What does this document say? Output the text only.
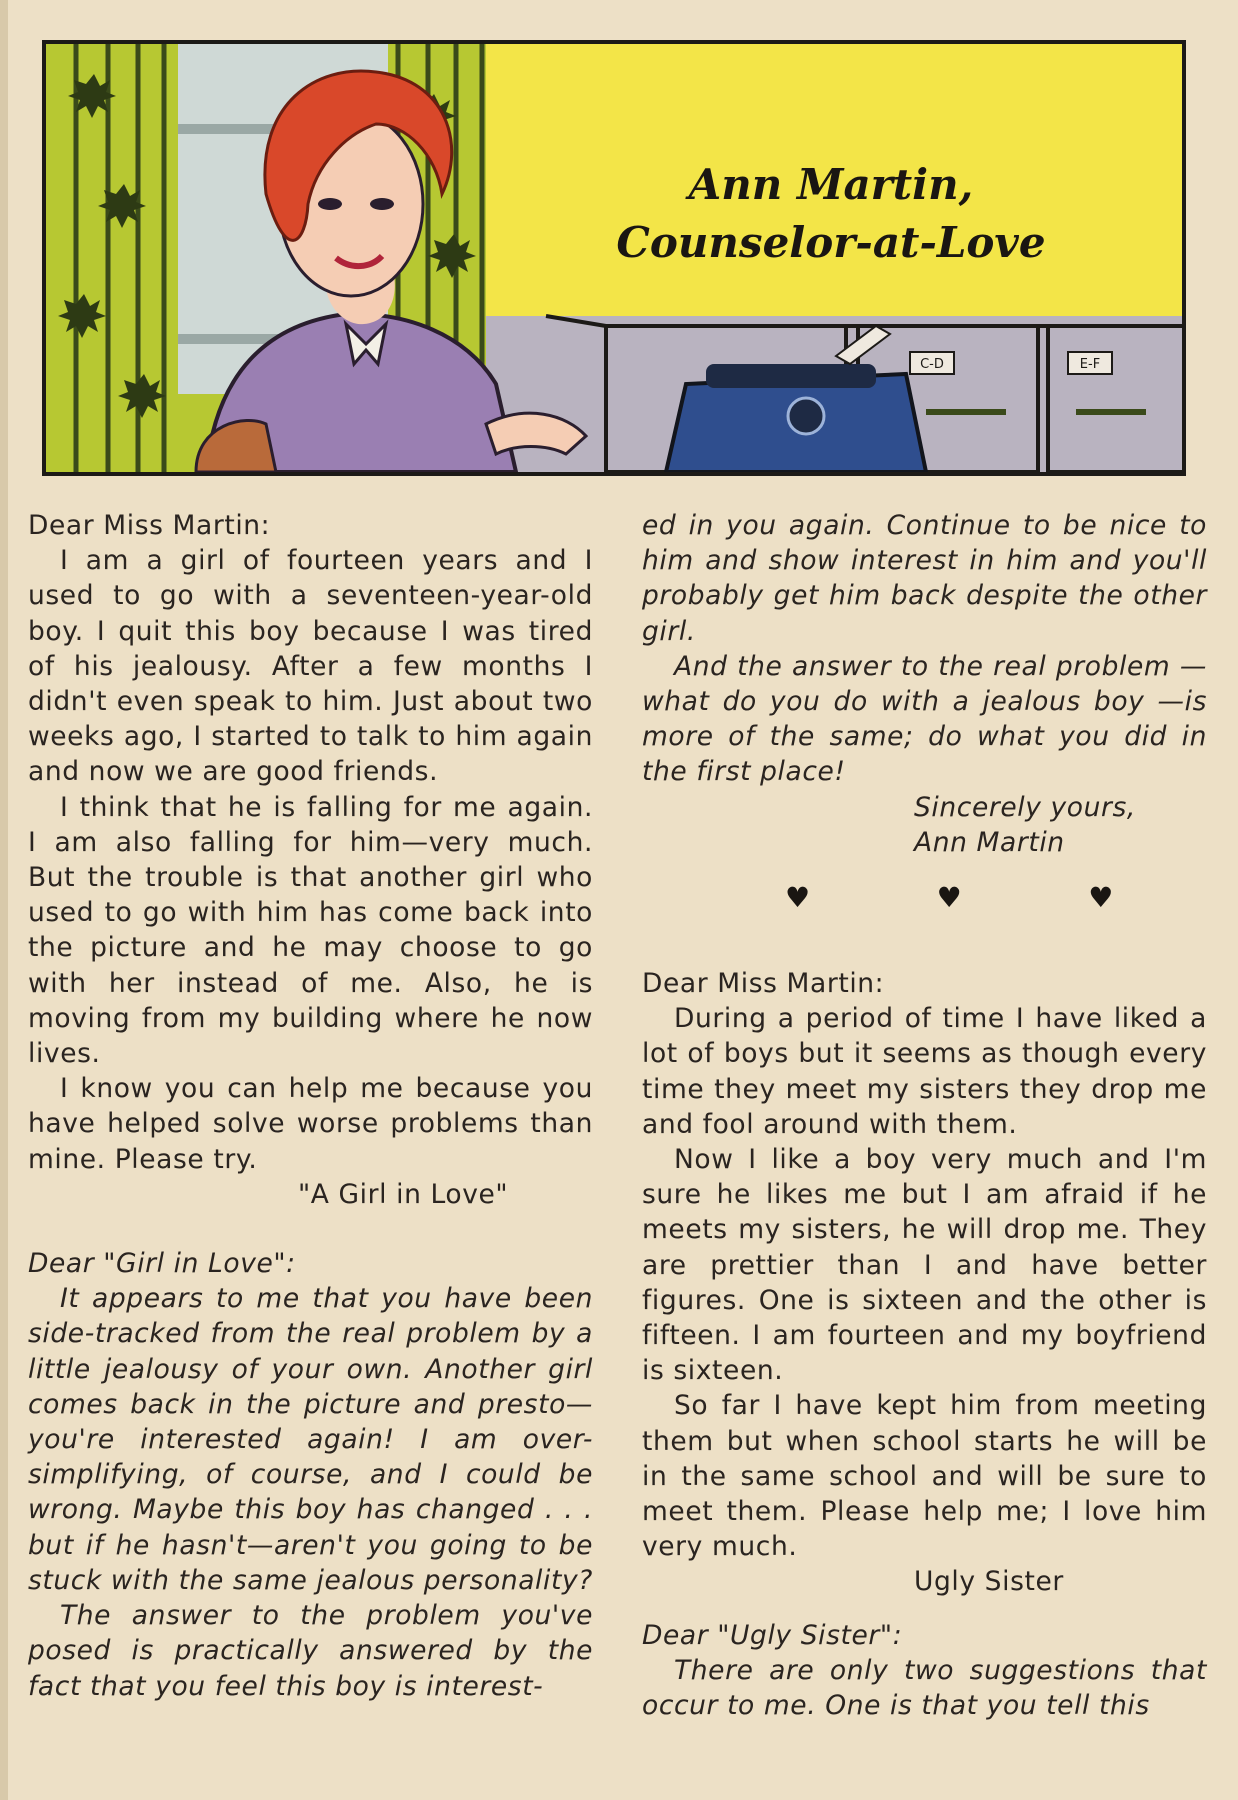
C-D	E-F
Ann Martin,
Counselor-at-Love

Dear Miss Martin:

I am a girl of fourteen years and I used to go with a seventeen-year-old boy. I quit this boy because I was tired of his jealousy. After a few months I didn't even speak to him. Just about two weeks ago, I started to talk to him again and now we are good friends.

I think that he is falling for me again. I am also falling for him—very much. But the trouble is that another girl who used to go with him has come back into the picture and he may choose to go with her instead of me. Also, he is moving from my building where he now lives.

I know you can help me because you have helped solve worse problems than mine. Please try.

"A Girl in Love"

Dear "Girl in Love":

It appears to me that you have been side-tracked from the real problem by a little jealousy of your own. Another girl comes back in the picture and presto—you're interested again! I am over-simplifying, of course, and I could be wrong. Maybe this boy has changed . . . but if he hasn't—aren't you going to be stuck with the same jealous personality?

The answer to the problem you've posed is practically answered by the fact that you feel this boy is interest-

ed in you again. Continue to be nice to him and show interest in him and you'll probably get him back despite the other girl.

And the answer to the real problem —what do you do with a jealous boy —is more of the same; do what you did in the first place!

Sincerely yours,

Ann Martin

♥	♥	♥

Dear Miss Martin:

During a period of time I have liked a lot of boys but it seems as though every time they meet my sisters they drop me and fool around with them.

Now I like a boy very much and I'm sure he likes me but I am afraid if he meets my sisters, he will drop me. They are prettier than I and have better figures. One is sixteen and the other is fifteen. I am fourteen and my boyfriend is sixteen.

So far I have kept him from meeting them but when school starts he will be in the same school and will be sure to meet them. Please help me; I love him very much.

Ugly Sister

Dear "Ugly Sister":

There are only two suggestions that occur to me. One is that you tell this
